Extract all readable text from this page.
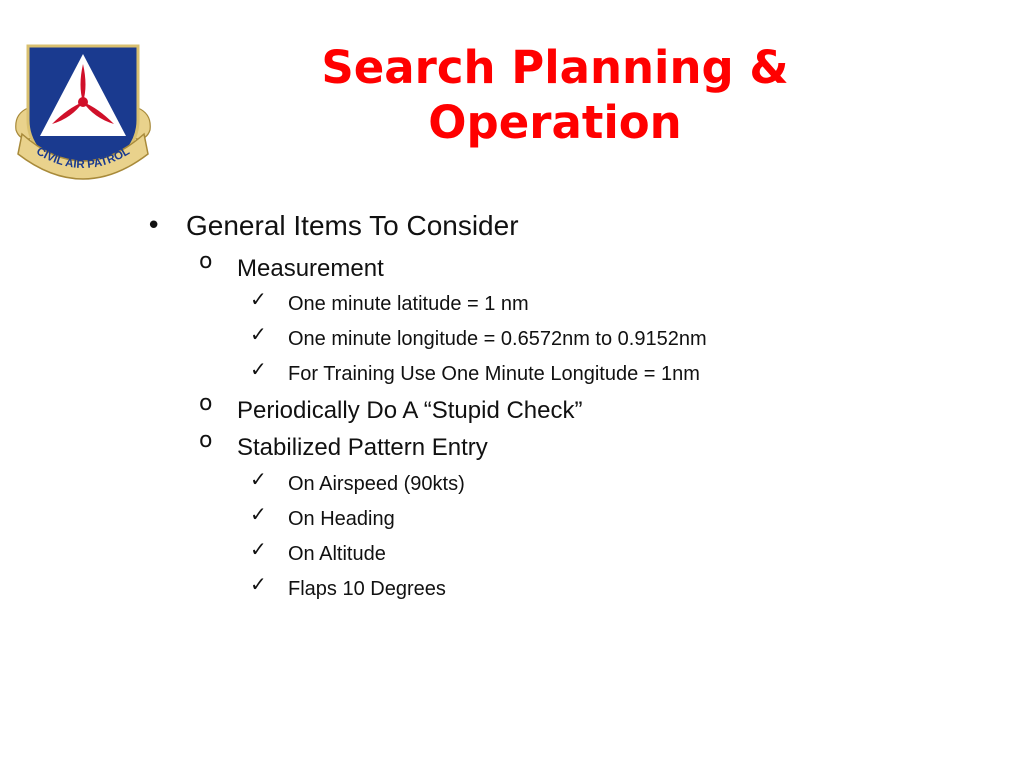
CIVIL AIR PATROL
Search Planning &
Operation
• General Items To Consider
o Measurement
✓ One minute latitude = 1 nm
✓ One minute longitude = 0.6572nm to 0.9152nm
✓ For Training Use One Minute Longitude = 1nm
o Periodically Do A “Stupid Check”
o Stabilized Pattern Entry
✓ On Airspeed (90kts)
✓ On Heading
✓ On Altitude
✓ Flaps 10 Degrees
